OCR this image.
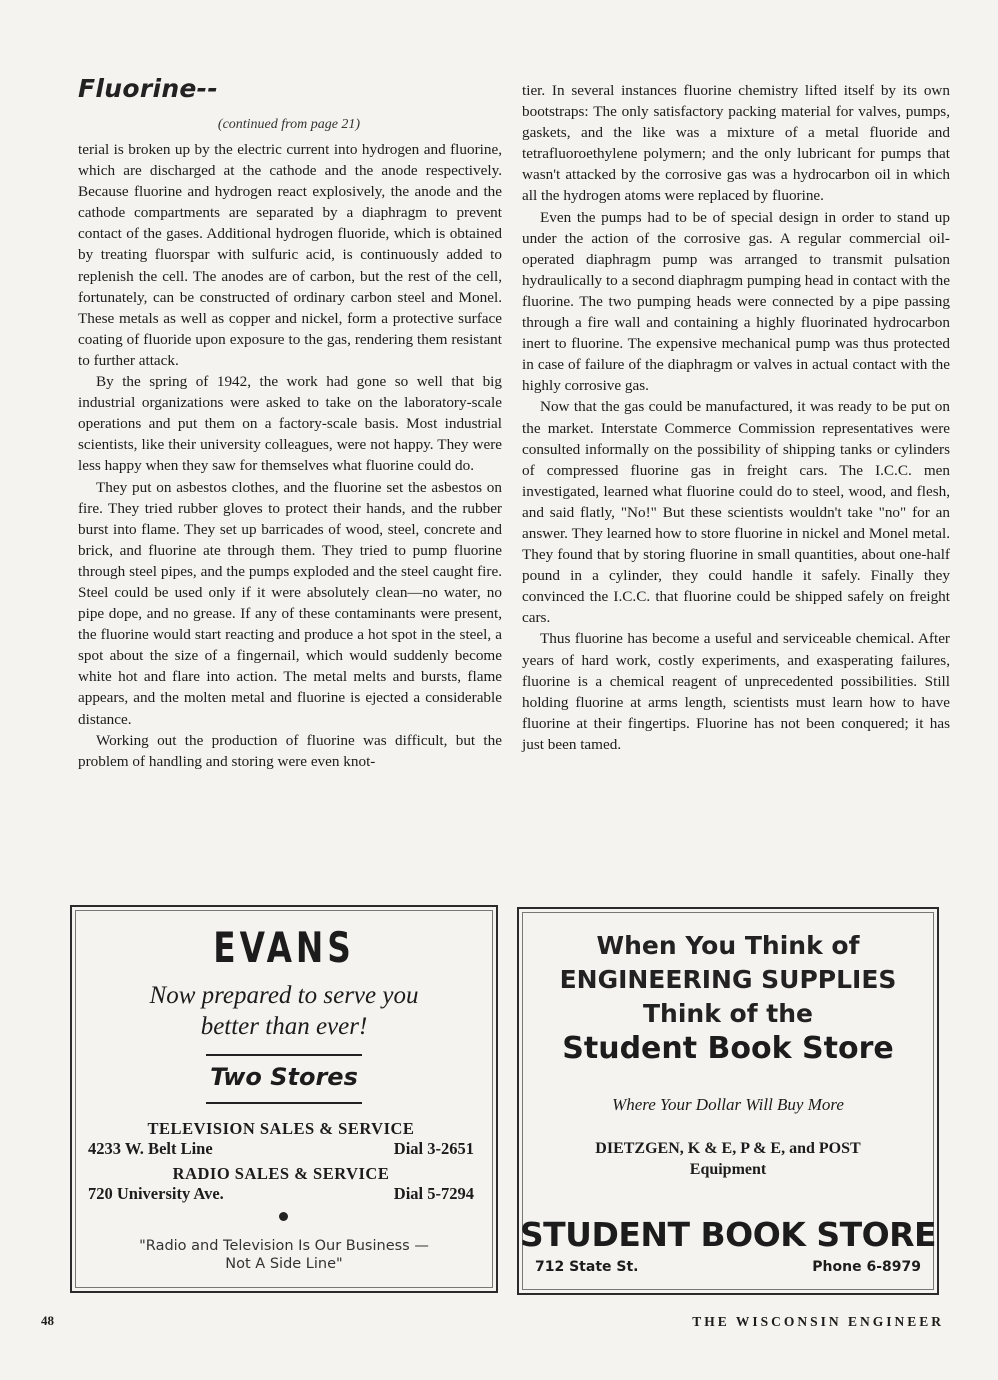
Fluorine--
(continued from page 21)

terial is broken up by the electric current into hydrogen and fluorine, which are discharged at the cathode and the anode respectively. Because fluorine and hydrogen react explosively, the anode and the cathode compartments are separated by a diaphragm to prevent contact of the gases. Additional hydrogen fluoride, which is obtained by treating fluorspar with sulfuric acid, is continuously added to replenish the cell. The anodes are of carbon, but the rest of the cell, fortunately, can be constructed of ordinary carbon steel and Monel. These metals as well as copper and nickel, form a protective surface coating of fluoride upon exposure to the gas, rendering them resistant to further attack.

By the spring of 1942, the work had gone so well that big industrial organizations were asked to take on the laboratory-scale operations and put them on a factory-scale basis. Most industrial scientists, like their university colleagues, were not happy. They were less happy when they saw for themselves what fluorine could do.

They put on asbestos clothes, and the fluorine set the asbestos on fire. They tried rubber gloves to protect their hands, and the rubber burst into flame. They set up barricades of wood, steel, concrete and brick, and fluorine ate through them. They tried to pump fluorine through steel pipes, and the pumps exploded and the steel caught fire. Steel could be used only if it were absolutely clean—no water, no pipe dope, and no grease. If any of these contaminants were present, the fluorine would start reacting and produce a hot spot in the steel, a spot about the size of a fingernail, which would suddenly become white hot and flare into action. The metal melts and bursts, flame appears, and the molten metal and fluorine is ejected a considerable distance.

Working out the production of fluorine was difficult, but the problem of handling and storing were even knot-

tier. In several instances fluorine chemistry lifted itself by its own bootstraps: The only satisfactory packing material for valves, pumps, gaskets, and the like was a mixture of a metal fluoride and tetrafluoroethylene polymern; and the only lubricant for pumps that wasn't attacked by the corrosive gas was a hydrocarbon oil in which all the hydrogen atoms were replaced by fluorine.

Even the pumps had to be of special design in order to stand up under the action of the corrosive gas. A regular commercial oil-operated diaphragm pump was arranged to transmit pulsation hydraulically to a second diaphragm pumping head in contact with the fluorine. The two pumping heads were connected by a pipe passing through a fire wall and containing a highly fluorinated hydrocarbon inert to fluorine. The expensive mechanical pump was thus protected in case of failure of the diaphragm or valves in actual contact with the highly corrosive gas.

Now that the gas could be manufactured, it was ready to be put on the market. Interstate Commerce Commission representatives were consulted informally on the possibility of shipping tanks or cylinders of compressed fluorine gas in freight cars. The I.C.C. men investigated, learned what fluorine could do to steel, wood, and flesh, and said flatly, "No!" But these scientists wouldn't take "no" for an answer. They learned how to store fluorine in nickel and Monel metal. They found that by storing fluorine in small quantities, about one-half pound in a cylinder, they could handle it safely. Finally they convinced the I.C.C. that fluorine could be shipped safely on freight cars.

Thus fluorine has become a useful and serviceable chemical. After years of hard work, costly experiments, and exasperating failures, fluorine is a chemical reagent of unprecedented possibilities. Still holding fluorine at arms length, scientists must learn how to have fluorine at their fingertips. Fluorine has not been conquered; it has just been tamed.

EVANS
Now prepared to serve you
better than ever!
Two Stores
TELEVISION SALES & SERVICE
4233 W. Belt Line	Dial 3-2651
RADIO SALES & SERVICE
720 University Ave.	Dial 5-7294
"Radio and Television Is Our Business —
Not A Side Line"
When You Think of
ENGINEERING SUPPLIES
Think of the
Student Book Store
Where Your Dollar Will Buy More
DIETZGEN, K & E, P & E, and POST
Equipment
STUDENT BOOK STORE
712 State St.	Phone 6-8979
48	THE WISCONSIN ENGINEER
